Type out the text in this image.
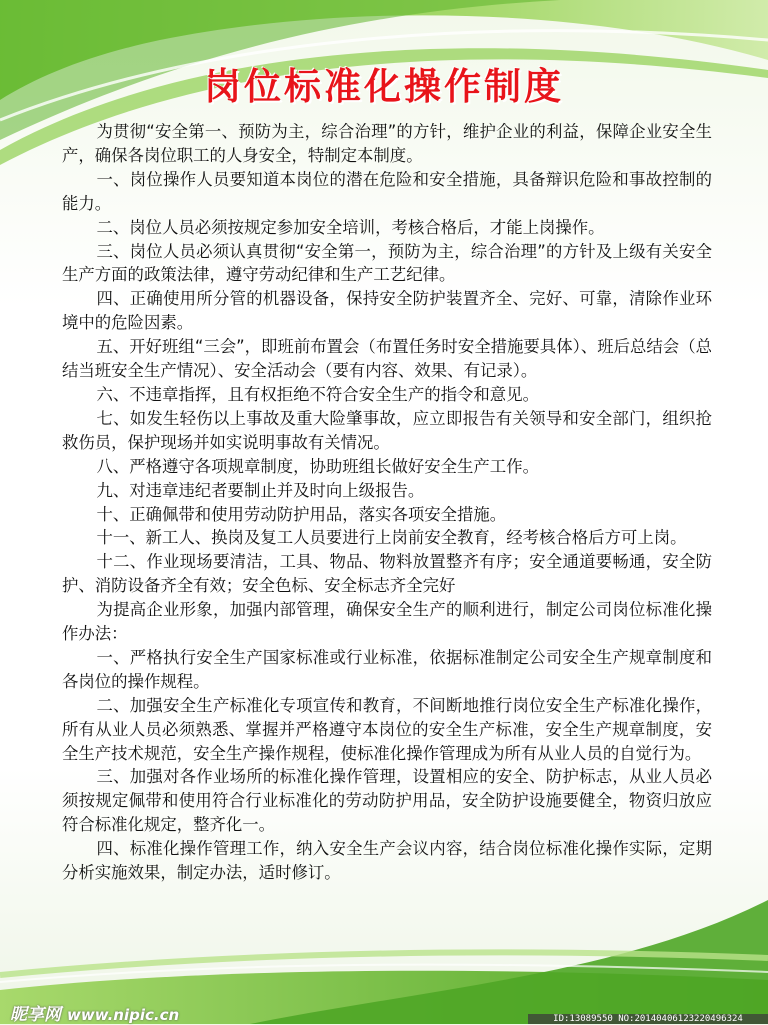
岗位标准化操作制度

为贯彻“安全第一、预防为主，综合治理”的方针，维护企业的利益，保障企业安全生产，确保各岗位职工的人身安全，特制定本制度。

一、岗位操作人员要知道本岗位的潜在危险和安全措施，具备辩识危险和事故控制的能力。

二、岗位人员必须按规定参加安全培训，考核合格后，才能上岗操作。

三、岗位人员必须认真贯彻“安全第一，预防为主，综合治理”的方针及上级有关安全生产方面的政策法律，遵守劳动纪律和生产工艺纪律。

四、正确使用所分管的机器设备，保持安全防护装置齐全、完好、可靠，清除作业环境中的危险因素。

五、开好班组“三会”，即班前布置会（布置任务时安全措施要具体）、班后总结会（总结当班安全生产情况）、安全活动会（要有内容、效果、有记录）。

六、不违章指挥，且有权拒绝不符合安全生产的指令和意见。

七、如发生轻伤以上事故及重大险肇事故，应立即报告有关领导和安全部门，组织抢救伤员，保护现场并如实说明事故有关情况。

八、严格遵守各项规章制度，协助班组长做好安全生产工作。

九、对违章违纪者要制止并及时向上级报告。

十、正确佩带和使用劳动防护用品，落实各项安全措施。

十一、新工人、换岗及复工人员要进行上岗前安全教育，经考核合格后方可上岗。

十二、作业现场要清洁，工具、物品、物料放置整齐有序；安全通道要畅通，安全防护、消防设备齐全有效；安全色标、安全标志齐全完好

为提高企业形象，加强内部管理，确保安全生产的顺利进行，制定公司岗位标准化操作办法：

一、严格执行安全生产国家标准或行业标准，依据标准制定公司安全生产规章制度和各岗位的操作规程。

二、加强安全生产标准化专项宣传和教育，不间断地推行岗位安全生产标准化操作，所有从业人员必须熟悉、掌握并严格遵守本岗位的安全生产标准，安全生产规章制度，安全生产技术规范，安全生产操作规程，使标准化操作管理成为所有从业人员的自觉行为。

三、加强对各作业场所的标准化操作管理，设置相应的安全、防护标志，从业人员必须按规定佩带和使用符合行业标准化的劳动防护用品，安全防护设施要健全，物资归放应符合标准化规定，整齐化一。

四、标准化操作管理工作，纳入安全生产会议内容，结合岗位标准化操作实际，定期分析实施效果，制定办法，适时修订。

昵享网 www.nipic.cn	ID:13089550 NO:20140406123220496324
